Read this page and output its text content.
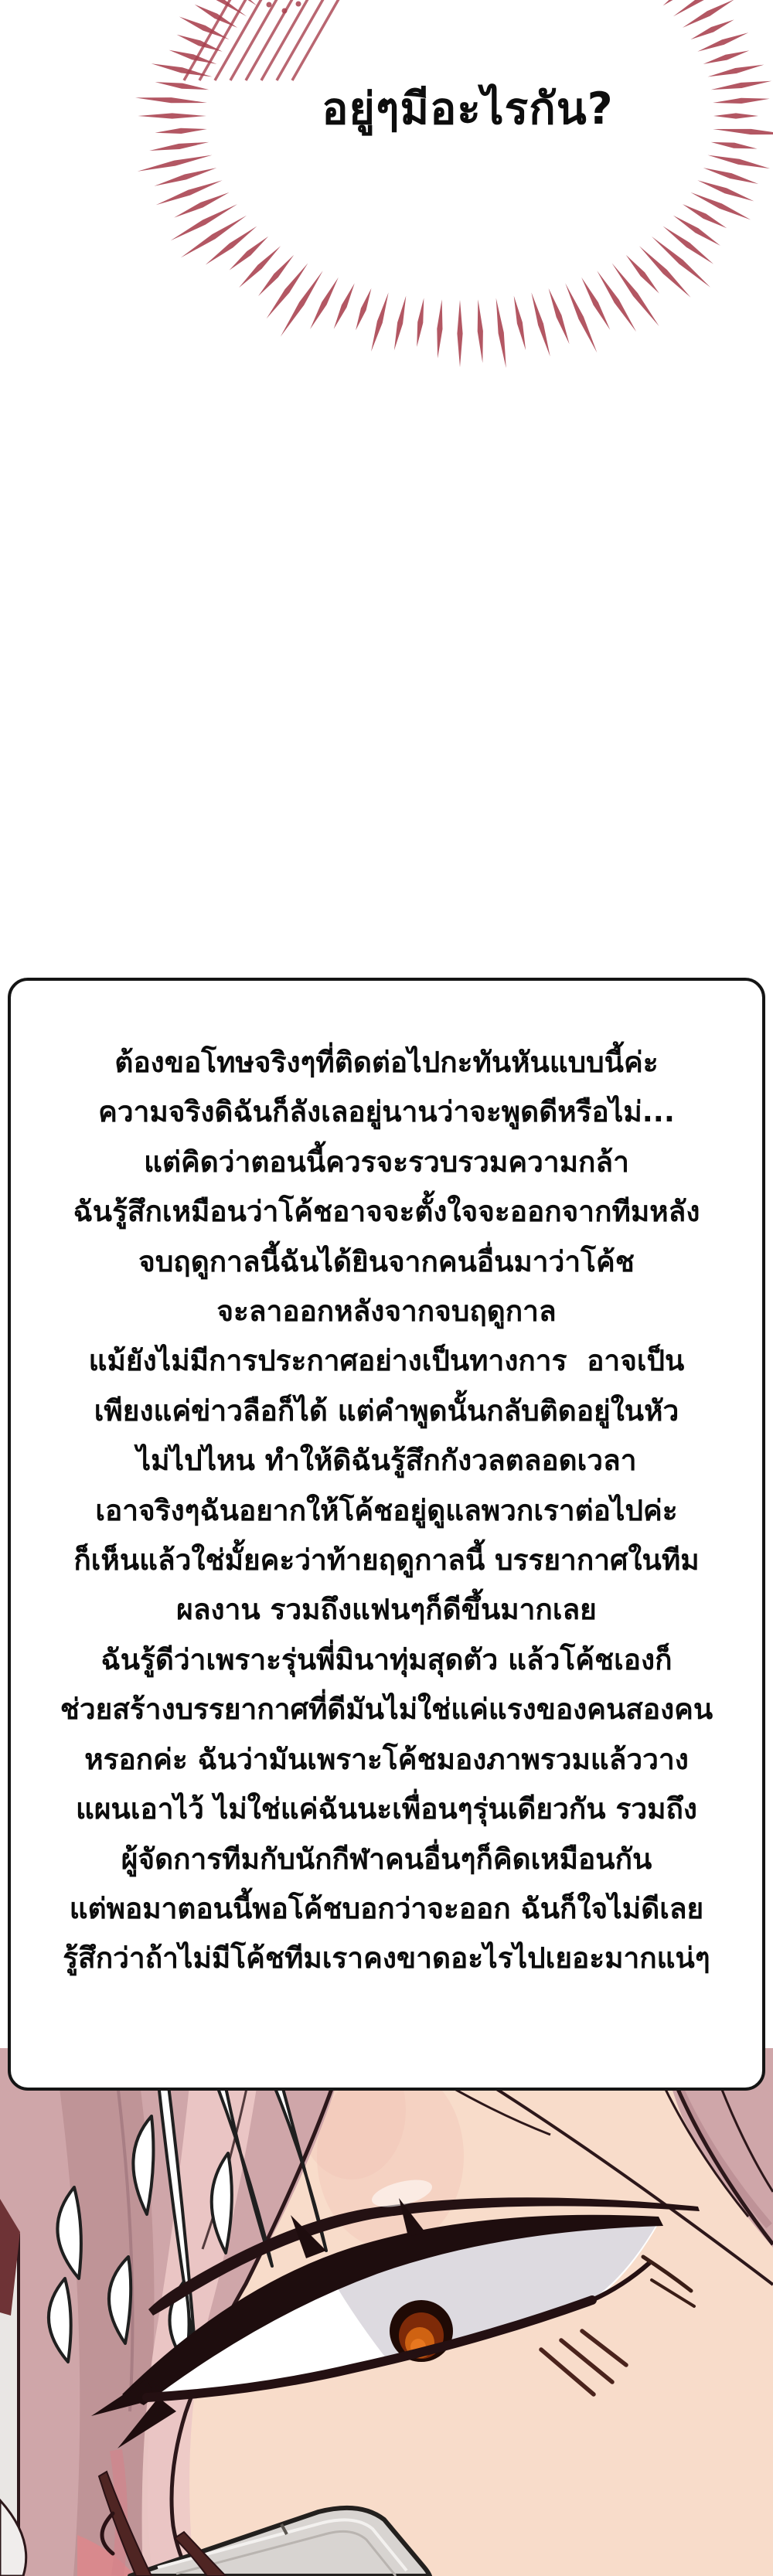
อยู่ๆมีอะไรกัน?
ต้องขอโทษจริงๆที่ติดต่อไปกะทันหันแบบนี้ค่ะ
ความจริงดิฉันก็ลังเลอยู่นานว่าจะพูดดีหรือไม่...
แต่คิดว่าตอนนี้ควรจะรวบรวมความกล้า
ฉันรู้สึกเหมือนว่าโค้ชอาจจะตั้งใจจะออกจากทีมหลัง
จบฤดูกาลนี้ฉันได้ยินจากคนอื่นมาว่าโค้ช
จะลาออกหลังจากจบฤดูกาล
แม้ยังไม่มีการประกาศอย่างเป็นทางการ  อาจเป็น
เพียงแค่ข่าวลือก็ได้ แต่คำพูดนั้นกลับติดอยู่ในหัว
ไม่ไปไหน ทำให้ดิฉันรู้สึกกังวลตลอดเวลา
เอาจริงๆฉันอยากให้โค้ชอยู่ดูแลพวกเราต่อไปค่ะ
ก็เห็นแล้วใช่มั้ยคะว่าท้ายฤดูกาลนี้ บรรยากาศในทีม
ผลงาน รวมถึงแฟนๆก็ดีขึ้นมากเลย
ฉันรู้ดีว่าเพราะรุ่นพี่มินาทุ่มสุดตัว แล้วโค้ชเองก็
ช่วยสร้างบรรยากาศที่ดีมันไม่ใช่แค่แรงของคนสองคน
หรอกค่ะ ฉันว่ามันเพราะโค้ชมองภาพรวมแล้ววาง
แผนเอาไว้ ไม่ใช่แค่ฉันนะเพื่อนๆรุ่นเดียวกัน รวมถึง
ผู้จัดการทีมกับนักกีฬาคนอื่นๆก็คิดเหมือนกัน
แต่พอมาตอนนี้พอโค้ชบอกว่าจะออก ฉันก็ใจไม่ดีเลย
รู้สึกว่าถ้าไม่มีโค้ชทีมเราคงขาดอะไรไปเยอะมากแน่ๆ
